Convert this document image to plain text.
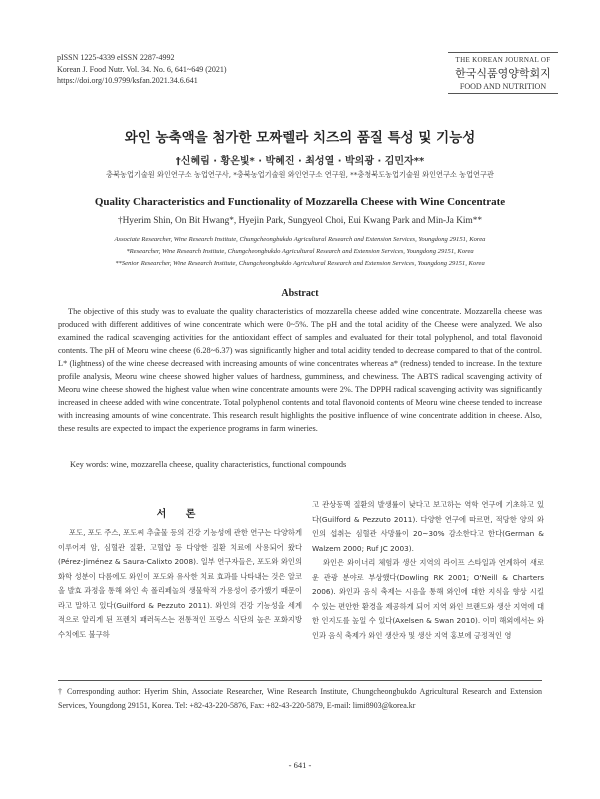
pISSN 1225-4339 eISSN 2287-4992
Korean J. Food Nutr. Vol. 34. No. 6, 641~649 (2021)
https://doi.org/10.9799/ksfan.2021.34.6.641
THE KOREAN JOURNAL OF
한국식품영양학회지
FOOD AND NUTRITION
와인 농축액을 첨가한 모짜렐라 치즈의 품질 특성 및 기능성
†신혜림 · 황온빛* · 박혜진 · 최성열 · 박의광 · 김민자**
충북농업기술원 와인연구소 농업연구사, *충북농업기술원 와인연구소 연구원, **충청북도농업기술원 와인연구소 농업연구관
Quality Characteristics and Functionality of Mozzarella Cheese with Wine Concentrate
†Hyerim Shin, On Bit Hwang*, Hyejin Park, Sungyeol Choi, Eui Kwang Park and Min-Ja Kim**
Associate Researcher, Wine Research Institute, Chungcheongbukdo Agricultural Research and Extension Services, Youngdong 29151, Korea
*Researcher, Wine Research Institute, Chungcheongbukdo Agricultural Research and Extension Services, Youngdong 29151, Korea
**Senior Researcher, Wine Research Institute, Chungcheongbukdo Agricultural Research and Extension Services, Youngdong 29151, Korea
Abstract
The objective of this study was to evaluate the quality characteristics of mozzarella cheese added wine concentrate. Mozzarella cheese was produced with different additives of wine concentrate which were 0~5%. The pH and the total acidity of the Cheese were analyzed. We also examined the radical scavenging activities for the antioxidant effect of samples and evaluated for their total polyphenol, and total flavonoid contents. The pH of Meoru wine cheese (6.28~6.37) was significantly higher and total acidity tended to decrease compared to that of the control. L* (lightness) of the wine cheese decreased with increasing amounts of wine concentrates whereas a* (redness) tended to increase. In the texture profile analysis, Meoru wine cheese showed higher values of hardness, gumminess, and chewiness. The ABTS radical scavenging activity of Meoru wine cheese showed the highest value when wine concentrate amounts were 2%. The DPPH radical scavenging activity was significantly increased in cheese added with wine concentrate. Total polyphenol contents and total flavonoid contents of Meoru wine cheese tended to increase with increasing amounts of wine concentrate. This research result highlights the positive influence of wine concentrate addition in cheese. Also, these results are expected to impact the experience programs in farm wineries.
Key words: wine, mozzarella cheese, quality characteristics, functional compounds
서 론

포도, 포도 주스, 포도씨 추출물 등의 건강 기능성에 관한 연구는 다양하게 이루어져 암, 심혈관 질환, 고혈압 등 다양한 질환 치료에 사용되어 왔다(Pérez-Jiménez & Saura-Calixto 2008). 일부 연구자들은, 포도와 와인의 화학 성분이 다름에도 와인이 포도와 유사한 치료 효과를 나타내는 것은 알코올 발효 과정을 통해 와인 속 폴리페놀의 생물학적 가용성이 증가했기 때문이라고 말하고 있다(Guilford & Pezzuto 2011). 와인의 건강 기능성을 세계적으로 알리게 된 프렌치 패러독스는 전통적인 프랑스 식단의 높은 포화지방 수치에도 불구하

고 관상동맥 질환의 발생률이 낮다고 보고하는 역학 연구에 기초하고 있다(Guilford & Pezzuto 2011). 다양한 연구에 따르면, 적당한 양의 와인의 섭취는 심혈관 사망률이 20~30% 감소한다고 한다(German & Walzem 2000; Ruf JC 2003).

와인은 와이너리 체험과 생산 지역의 라이프 스타일과 연계하여 새로운 관광 분야로 부상했다(Dowling RK 2001; O'Neill & Charters 2006). 와인과 음식 축제는 시음을 통해 와인에 대한 지식을 향상 시킬 수 있는 편안한 환경을 제공하게 되어 지역 와인 브랜드와 생산 지역에 대한 인지도를 높일 수 있다(Axelsen & Swan 2010). 이미 해외에서는 와인과 음식 축제가 와인 생산자 및 생산 지역 홍보에 긍정적인 영

† Corresponding author: Hyerim Shin, Associate Researcher, Wine Research Institute, Chungcheongbukdo Agricultural Research and Extension Services, Youngdong 29151, Korea. Tel: +82-43-220-5876, Fax: +82-43-220-5879, E-mail: limi8903@korea.kr
- 641 -
